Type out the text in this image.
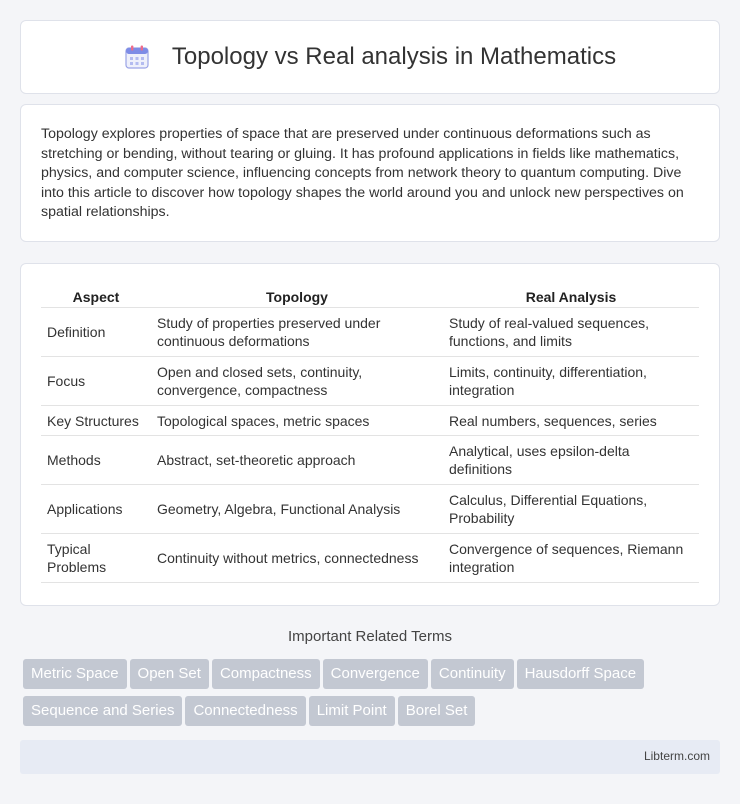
Topology vs Real analysis in Mathematics

Topology explores properties of space that are preserved under continuous deformations such as stretching or bending, without tearing or gluing. It has profound applications in fields like mathematics, physics, and computer science, influencing concepts from network theory to quantum computing. Dive into this article to discover how topology shapes the world around you and unlock new perspectives on spatial relationships.

Aspect	Topology	Real Analysis
Definition	Study of properties preserved under continuous deformations	Study of real-valued sequences, functions, and limits
Focus	Open and closed sets, continuity, convergence, compactness	Limits, continuity, differentiation, integration
Key Structures	Topological spaces, metric spaces	Real numbers, sequences, series
Methods	Abstract, set-theoretic approach	Analytical, uses epsilon-delta definitions
Applications	Geometry, Algebra, Functional Analysis	Calculus, Differential Equations, Probability
Typical Problems	Continuity without metrics, connectedness	Convergence of sequences, Riemann integration
Important Related Terms
Metric Space Open Set Compactness Convergence Continuity Hausdorff SpaceSequence and Series Connectedness Limit Point Borel Set
Libterm.com
